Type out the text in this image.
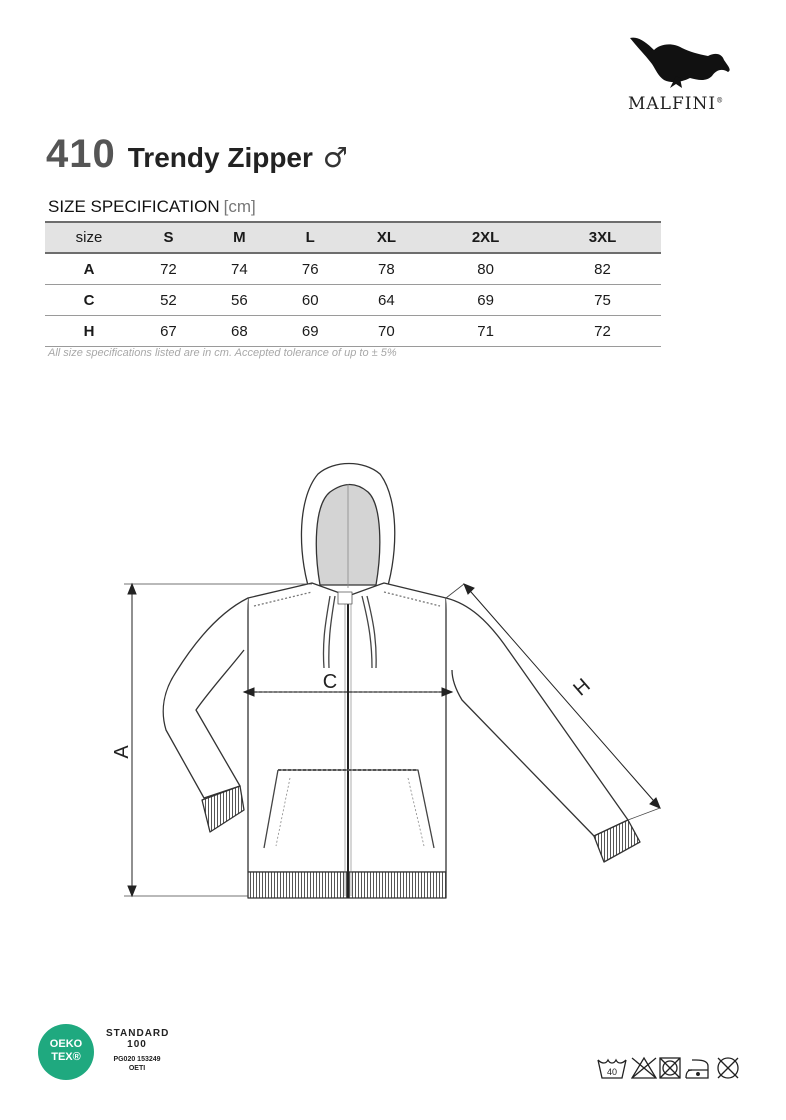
MALFINI®
410 Trendy Zipper ♂
SIZE SPECIFICATION [cm]
size	S	M	L	XL	2XL	3XL
A	72	74	76	78	80	82
C	52	56	60	64	69	75
H	67	68	69	70	71	72
All size specifications listed are in cm. Accepted tolerance of up to ± 5%
A
C	H
OEKO
TEX®
STANDARD
100
PG020 153249
OETI	40
